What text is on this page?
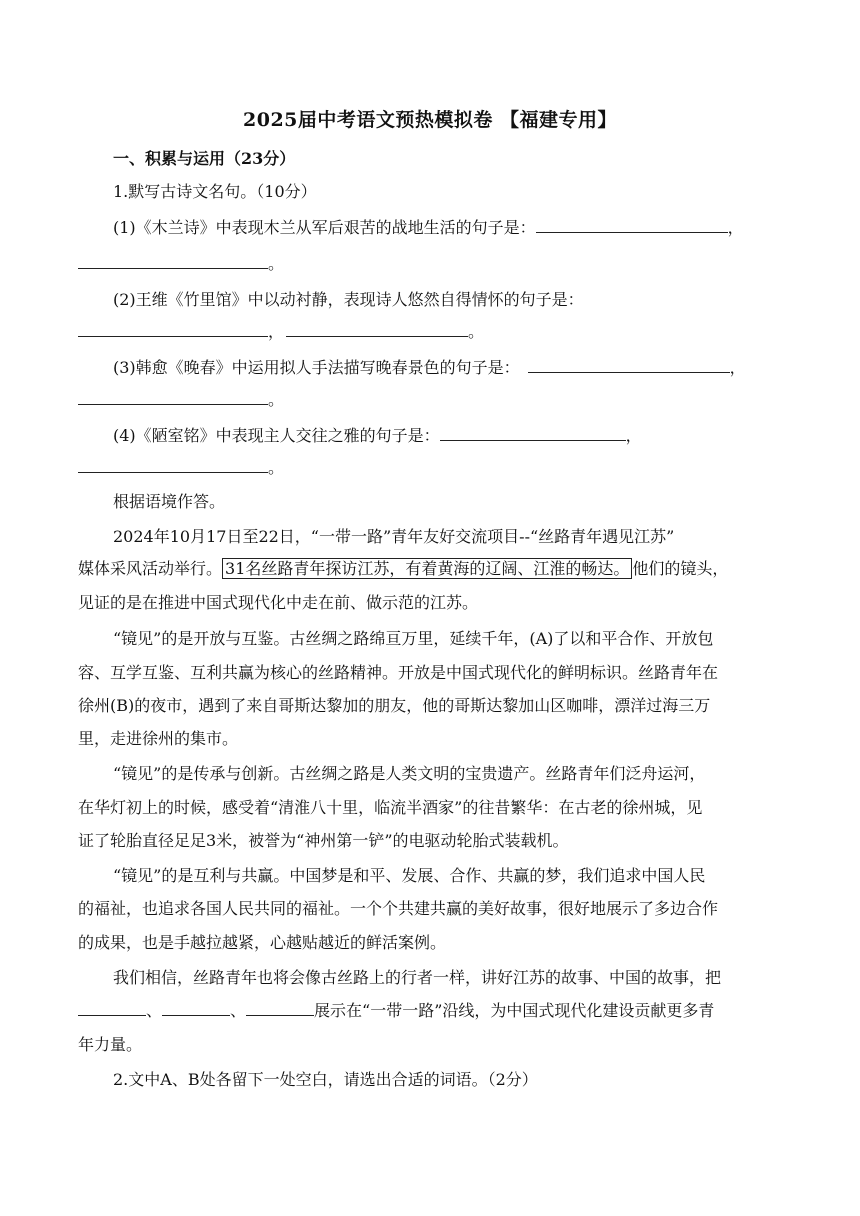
2025届中考语文预热模拟卷 【福建专用】
一、积累与运用（23分）
1.默写古诗文名句。（10分）
(1)《木兰诗》中表现木兰从军后艰苦的战地生活的句子是：	，
。
(2)王维《竹里馆》中以动衬静，表现诗人悠然自得情怀的句子是：
，	。
(3)韩愈《晚春》中运用拟人手法描写晚春景色的句子是：	，
。
(4)《陋室铭》中表现主人交往之雅的句子是：	，
。
根据语境作答。
2024年10月17日至22日，“一带一路”青年友好交流项目--“丝路青年遇见江苏”
媒体采风活动举行。 31名丝路青年探访江苏，有着黄海的辽阔、江淮的畅达。 他们的镜头，
见证的是在推进中国式现代化中走在前、做示范的江苏。
“镜见”的是开放与互鉴。古丝绸之路绵亘万里，延续千年，(A)了以和平合作、开放包
容、互学互鉴、互利共赢为核心的丝路精神。开放是中国式现代化的鲜明标识。丝路青年在
徐州(B)的夜市，遇到了来自哥斯达黎加的朋友，他的哥斯达黎加山区咖啡，漂洋过海三万
里，走进徐州的集市。
“镜见”的是传承与创新。古丝绸之路是人类文明的宝贵遗产。丝路青年们泛舟运河，
在华灯初上的时候，感受着“清淮八十里，临流半酒家”的往昔繁华：在古老的徐州城，见
证了轮胎直径足足3米，被誉为“神州第一铲”的电驱动轮胎式装载机。
“镜见”的是互利与共赢。中国梦是和平、发展、合作、共赢的梦，我们追求中国人民
的福祉，也追求各国人民共同的福祉。一个个共建共赢的美好故事，很好地展示了多边合作
的成果，也是手越拉越紧，心越贴越近的鲜活案例。
我们相信，丝路青年也将会像古丝路上的行者一样，讲好江苏的故事、中国的故事，把
、	、	展示在“一带一路”沿线，为中国式现代化建设贡献更多青
年力量。
2.文中A、B处各留下一处空白，请选出合适的词语。（2分）
